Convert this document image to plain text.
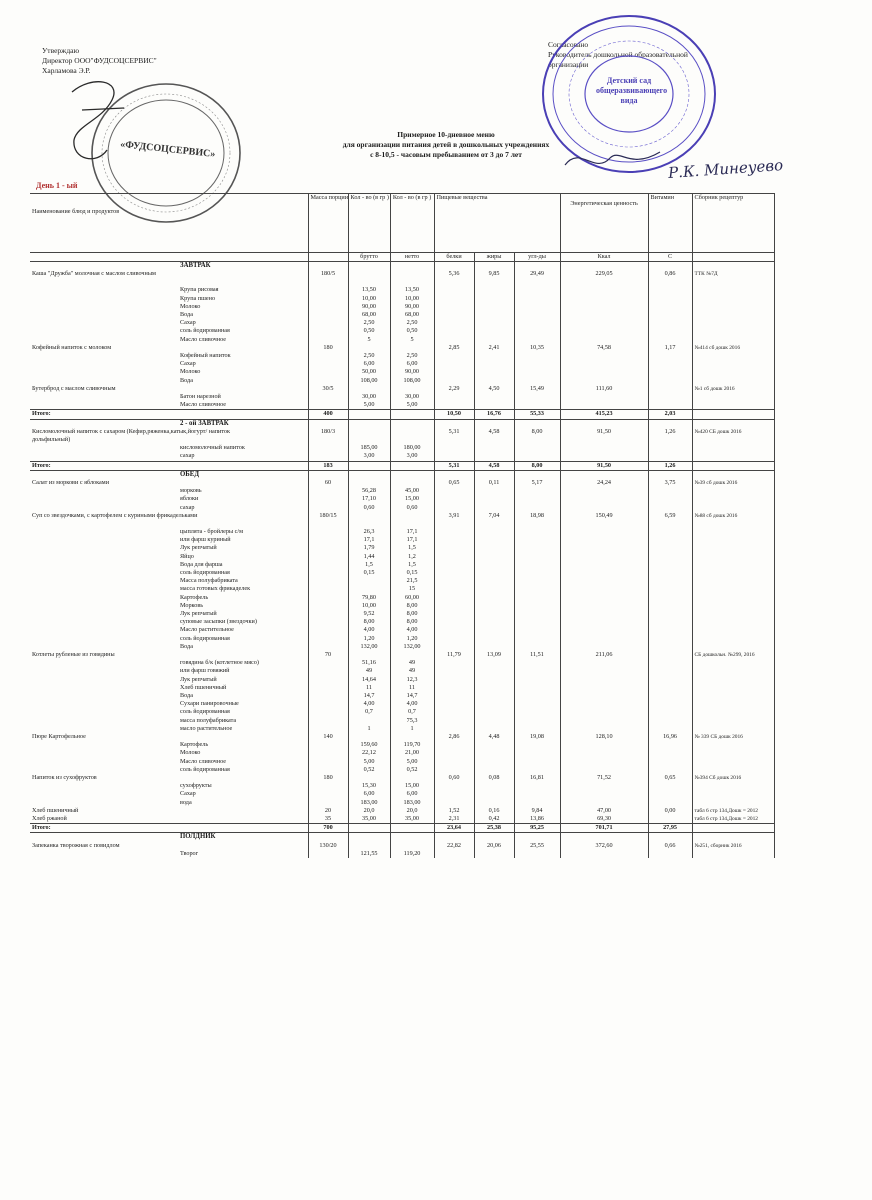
Утверждаю
Директор ООО"ФУДСОЦСЕРВИС"
Харламова Э.Р.
Согласовано
Руководитель дошкольной образовательной
организации
«ФУДСОЦСЕРВИС»
Детский сад общеразвивающего вида
Р.К. Минеуево
Примерное 10-дневное меню
для организации питания детей в дошкольных учреждениях
с 8-10,5 - часовым пребыванием от 3 до 7 лет
День 1 - ый
Наименование блюд и продуктов		Масса порции	Кол - во (в гр )	Кол - во (в гр )	Пищевые вещества			Энергетическая ценность	Витамин	Сборник рецептур
			брутто	нетто	белки	жиры	угл-ды	Ккал	С	
	ЗАВТРАК									
Каша "Дружба" молочная с маслом сливочным		180/5			5,36	9,85	29,49	229,05	0,86	ТТК №7Д
	Крупа рисовая		13,50	13,50						
	Крупа пшено		10,00	10,00						
	Молоко		90,00	90,00						
	Вода		68,00	68,00						
	Сахар		2,50	2,50						
	соль йодированная		0,50	0,50						
	Масло сливочное		5	5						
Кофейный напиток с молоком		180			2,85	2,41	10,35	74,58	1,17	№414 сб дошк 2016
	Кофейный напиток		2,50	2,50						
	Сахар		6,00	6,00						
	Молоко		50,00	90,00						
	Вода		108,00	108,00						
Бутерброд с маслом сливочным		30/5			2,29	4,50	15,49	111,60		№1 сб дошк 2016
	Батон нарезной		30,00	30,00						
	Масло сливочное		5,00	5,00						
Итого:		400			10,50	16,76	55,33	415,23	2,03	
	2 - ой ЗАВТРАК									
Кисломолочный напиток с сахаром (Кефир,ряженка,катык,йогурт/ напиток дольфильный)		180/3			5,31	4,58	8,00	91,50	1,26	№420 СБ дошк 2016
	кисломолочный напиток		185,00	180,00						
	сахар		3,00	3,00						
Итого:		183			5,31	4,58	8,00	91,50	1,26	
	ОБЕД									
Салат из моркови с яблоками		60			0,65	0,11	5,17	24,24	3,75	№39 сб дошк 2016
	морковь		56,28	45,00						
	яблоки		17,10	15,00						
	сахар		0,60	0,60						
Суп со звездочками, с картофелем с куриными фрикадельками		180/15			3,91	7,04	18,98	150,49	6,59	№88 сб дошк 2016
	цыплята - бройлеры с/м		26,3	17,1						
	или фарш куриный		17,1	17,1						
	Лук репчатый		1,79	1,5						
	Яйцо		1,44	1,2						
	Вода для фарша		1,5	1,5						
	соль йодированная		0,15	0,15						
	Масса полуфабриката			21,5						
	масса готовых фрикаделек			15						
	Картофель		79,80	60,00						
	Морковь		10,00	8,00						
	Лук репчатый		9,52	8,00						
	суповые засыпки (звездочки)		8,00	8,00						
	Масло растительное		4,00	4,00						
	соль йодированная		1,20	1,20						
	Вода		132,00	132,00						
Котлеты рубленые из говядины		70			11,79	13,09	11,51	211,06		СБ дошкольн. №299, 2016
	говядина б/к (котлетное мясо)		51,16	49						
	или фарш говяжий		49	49						
	Лук репчатый		14,64	12,3						
	Хлеб пшеничный		11	11						
	Вода		14,7	14,7						
	Сухари панировочные		4,00	4,00						
	соль йодированная		0,7	0,7						
	масса полуфабриката			75,3						
	масло растительное		1	1						
Пюре Картофельное		140			2,86	4,48	19,08	128,10	16,96	№ 339 СБ дошк 2016
	Картофель		159,60	119,70						
	Молоко		22,12	21,00						
	Масло сливочное		5,00	5,00						
	соль йодированная		0,52	0,52						
Напиток из сухофруктов		180			0,60	0,08	16,81	71,52	0,65	№394 Сб дошк 2016
	сухофрукты		15,30	15,00						
	Сахар		6,00	6,00						
	вода		183,00	183,00						
Хлеб пшеничный		20	20,0	20,0	1,52	0,16	9,84	47,00	0,00	табл 6 стр 134,Дошк = 2012
Хлеб ржаной		35	35,00	35,00	2,31	0,42	13,86	69,30		табл 6 стр 134,Дошк = 2012
Итого:		700			23,64	25,38	95,25	701,71	27,95	
	ПОЛДНИК									
Запеканка творожная с повидлом		130/20			22,82	20,06	25,55	372,60	0,66	№251, сборник 2016
	Творог		121,55	119,20						
